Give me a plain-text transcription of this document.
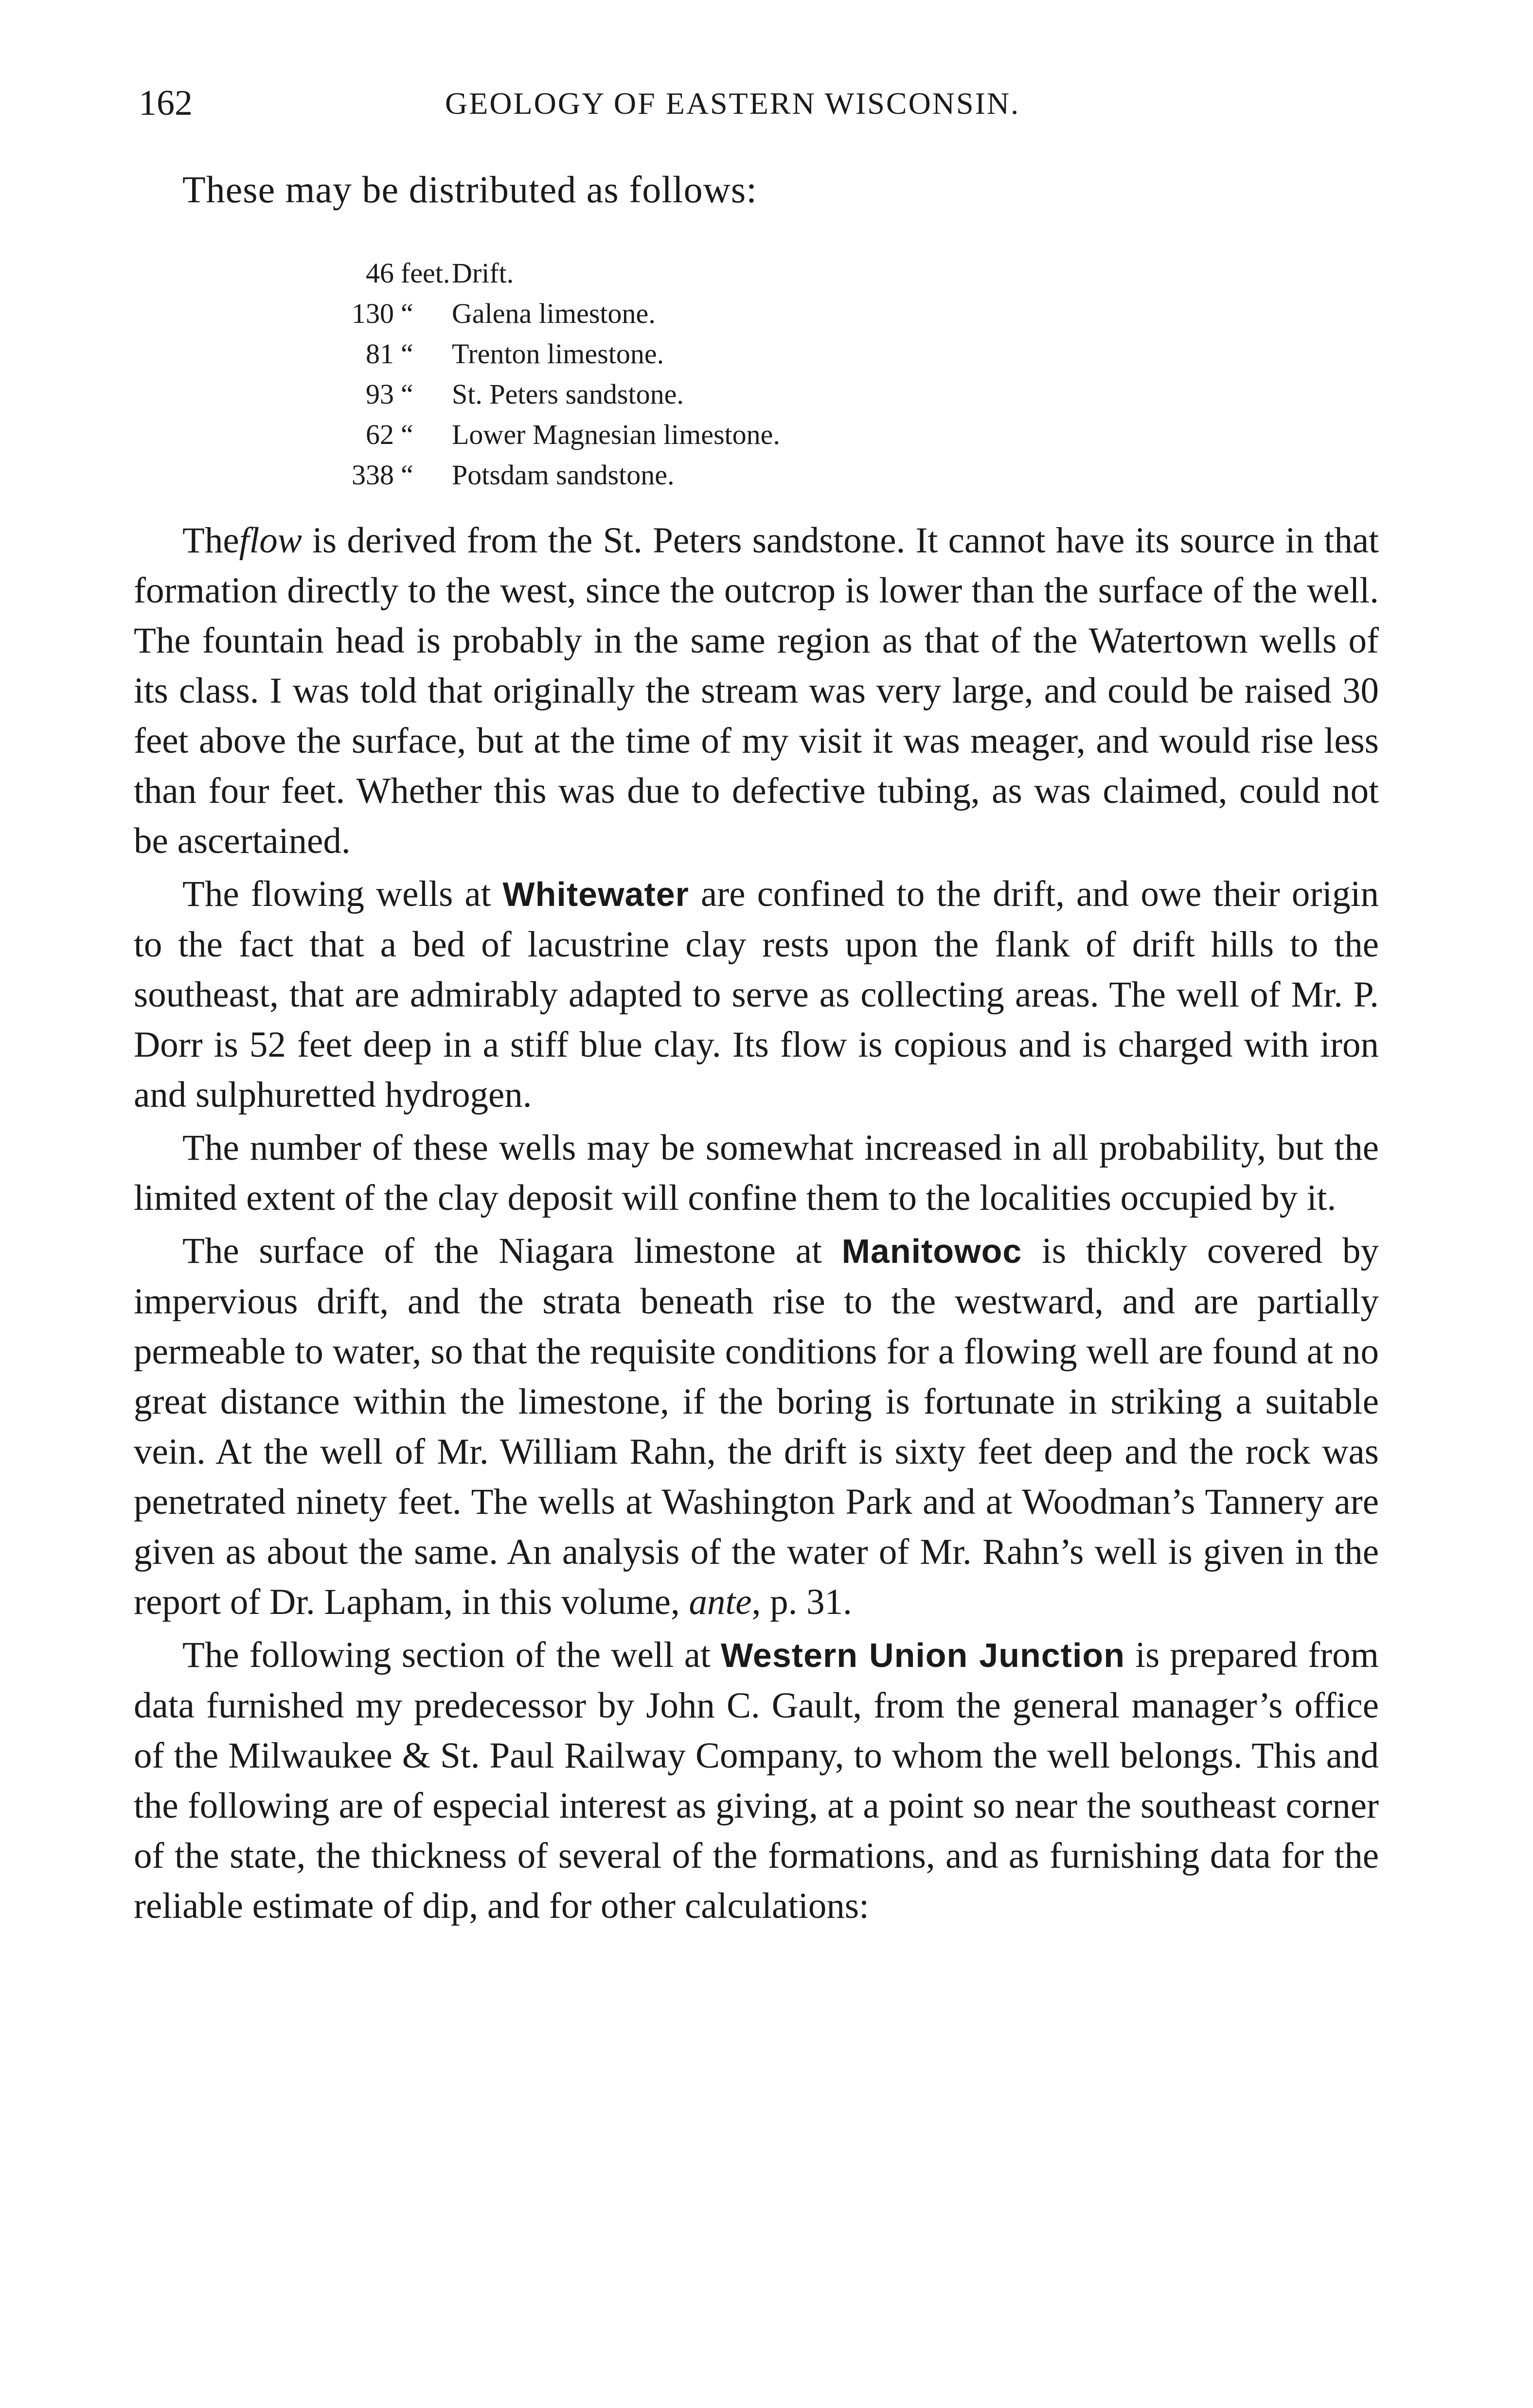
162	GEOLOGY OF EASTERN WISCONSIN.
These may be distributed as follows:
46 feet. Drift.
130 “	Galena limestone.
81 “	Trenton limestone.
93 “	St. Peters sandstone.
62 “	Lower Magnesian limestone.
338 “	Potsdam sandstone.

Theflow is derived from the St. Peters sandstone. It cannot have its source in that formation directly to the west, since the outcrop is lower than the surface of the well. The fountain head is probably in the same region as that of the Watertown wells of its class. I was told that originally the stream was very large, and could be raised 30 feet above the surface, but at the time of my visit it was meager, and would rise less than four feet. Whether this was due to defective tubing, as was claimed, could not be ascertained.

The flowing wells at Whitewater are confined to the drift, and owe their origin to the fact that a bed of lacustrine clay rests upon the flank of drift hills to the southeast, that are admirably adapted to serve as collecting areas. The well of Mr. P. Dorr is 52 feet deep in a stiff blue clay. Its flow is copious and is charged with iron and sulphuretted hydrogen.

The number of these wells may be somewhat increased in all probability, but the limited extent of the clay deposit will confine them to the localities occupied by it.

The surface of the Niagara limestone at Manitowoc is thickly covered by impervious drift, and the strata beneath rise to the westward, and are partially permeable to water, so that the requisite conditions for a flowing well are found at no great distance within the limestone, if the boring is fortunate in striking a suitable vein. At the well of Mr. William Rahn, the drift is sixty feet deep and the rock was penetrated ninety feet. The wells at Washington Park and at Woodman’s Tannery are given as about the same. An analysis of the water of Mr. Rahn’s well is given in the report of Dr. Lapham, in this volume, ante, p. 31.

The following section of the well at Western Union Junction is prepared from data furnished my predecessor by John C. Gault, from the general manager’s office of the Milwaukee & St. Paul Railway Company, to whom the well belongs. This and the following are of especial interest as giving, at a point so near the southeast corner of the state, the thickness of several of the formations, and as furnishing data for the reliable estimate of dip, and for other calculations:
